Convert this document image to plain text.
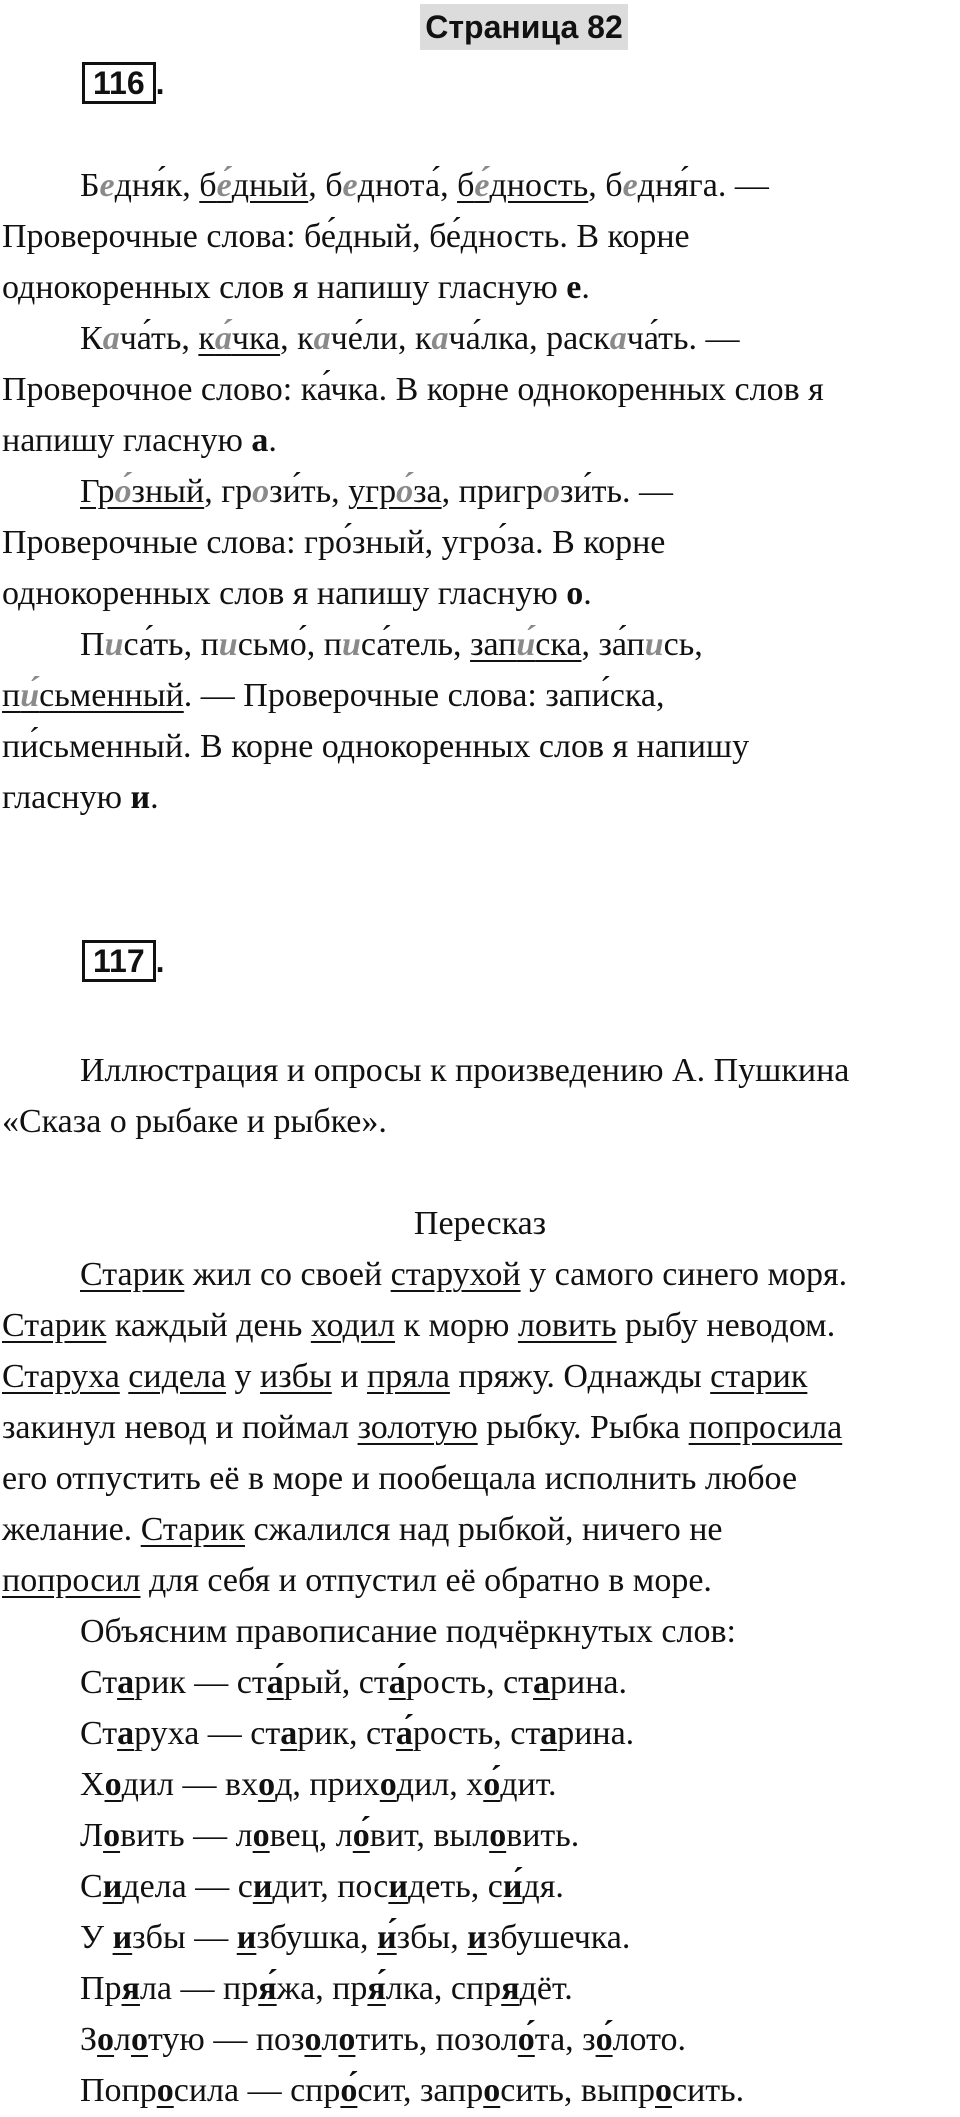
Страница 82
116 .

Бедня́к, бе́дный, беднота́, бе́дность, бедня́га. —

Проверочные слова: бе́дный, бе́дность. В корне

однокоренных слов я напишу гласную е.

Кача́ть, ка́чка, каче́ли, кача́лка, раскача́ть. —

Проверочное слово: ка́чка. В корне однокоренных слов я

напишу гласную а.

Гро́зный, грози́ть, угро́за, пригрози́ть. —

Проверочные слова: гро́зный, угро́за. В корне

однокоренных слов я напишу гласную о.

Писа́ть, письмо́, писа́тель, запи́ска, за́пись,

пи́сьменный. — Проверочные слова: запи́ска,

пи́сьменный. В корне однокоренных слов я напишу

гласную и.

117 .

Иллюстрация и опросы к произведению А. Пушкина

«Сказа о рыбаке и рыбке».

Пересказ

Старик жил со своей старухой у самого синего моря.

Старик каждый день ходил к морю ловить рыбу неводом.

Старуха сидела у избы и пряла пряжу. Однажды старик

закинул невод и поймал золотую рыбку. Рыбка попросила

его отпустить её в море и пообещала исполнить любое

желание. Старик сжалился над рыбкой, ничего не

попросил для себя и отпустил её обратно в море.

Объясним правописание подчёркнутых слов:

Старик — ста́рый, ста́рость, старина.

Старуха — старик, ста́рость, старина.

Ходил — вход, приходил, хо́дит.

Ловить — ловец, ло́вит, выловить.

Сидела — сидит, посидеть, си́дя.

У избы — избушка, и́збы, избушечка.

Пряла — пря́жа, пря́лка, спрядёт.

Золотую — позолотить, позоло́та, зо́лото.

Попросила — спро́сит, запросить, выпросить.
